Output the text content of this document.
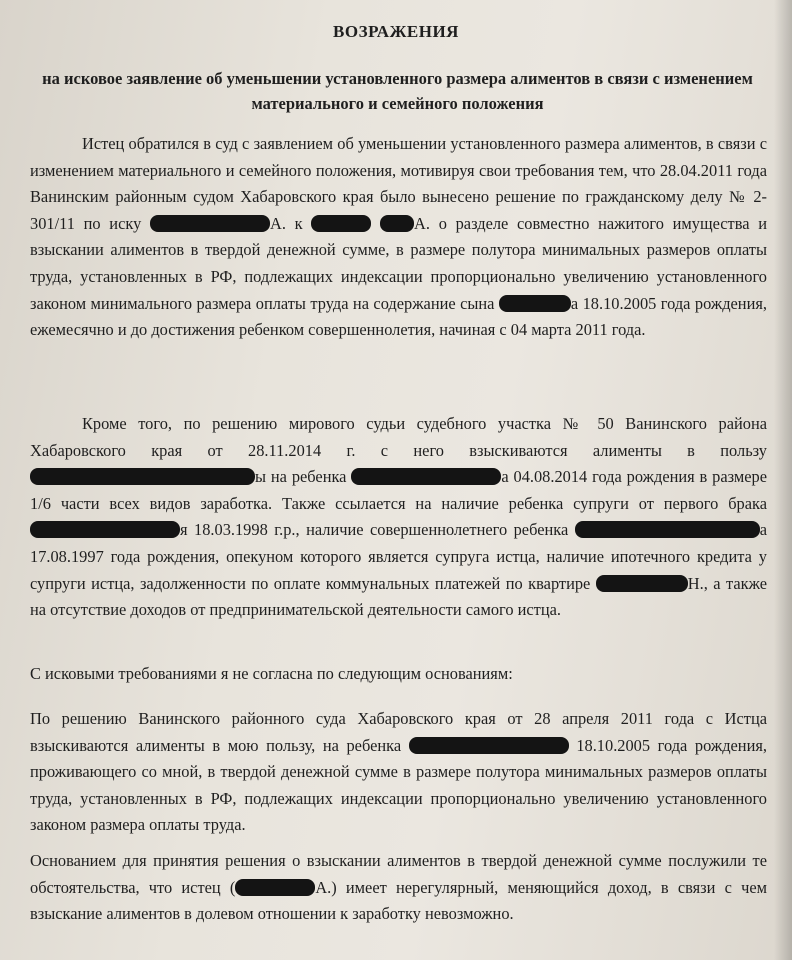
ВОЗРАЖЕНИЯ
на исковое заявление об уменьшении установленного размера алиментов в связи с изменением материального и семейного положения
Истец обратился в суд с заявлением об уменьшении установленного размера алиментов, в связи с изменением материального и семейного положения, мотивируя свои требования тем, что 28.04.2011 года Ванинским районным судом Хабаровского края было вынесено решение по гражданскому делу № 2-301/11 по иску	А. к	А. о разделе совместно нажитого имущества и взыскании алиментов в твердой денежной сумме, в размере полутора минимальных размеров оплаты труда, установленных в РФ, подлежащих индексации пропорционально увеличению установленного законом минимального размера оплаты труда на содержание сына	а 18.10.2005 года рождения, ежемесячно и до достижения ребенком совершеннолетия, начиная с 04 марта 2011 года.
Кроме того, по решению мирового судьи судебного участка № 50 Ванинского района Хабаровского края от 28.11.2014 г. с него взыскиваются алименты в пользу ы на ребенка	а 04.08.2014 года рождения в размере 1/6 части всех видов заработка. Также ссылается на наличие ребенка супруги от первого брака я 18.03.1998 г.р., наличие совершеннолетнего ребенка	а 17.08.1997 года рождения, опекуном которого является супруга истца, наличие ипотечного кредита у супруги истца, задолженности по оплате коммунальных платежей по квартире	Н., а также на отсутствие доходов от предпринимательской деятельности самого истца.
С исковыми требованиями я не согласна по следующим основаниям:
По решению Ванинского районного суда Хабаровского края от 28 апреля 2011 года с Истца взыскиваются алименты в мою пользу, на ребенка	18.10.2005 года рождения, проживающего со мной, в твердой денежной сумме в размере полутора минимальных размеров оплаты труда, установленных в РФ, подлежащих индексации пропорционально увеличению установленного законом размера оплаты труда.
Основанием для принятия решения о взыскании алиментов в твердой денежной сумме послужили те обстоятельства, что истец (	А.) имеет нерегулярный, меняющийся доход, в связи с чем взыскание алиментов в долевом отношении к заработку невозможно.
